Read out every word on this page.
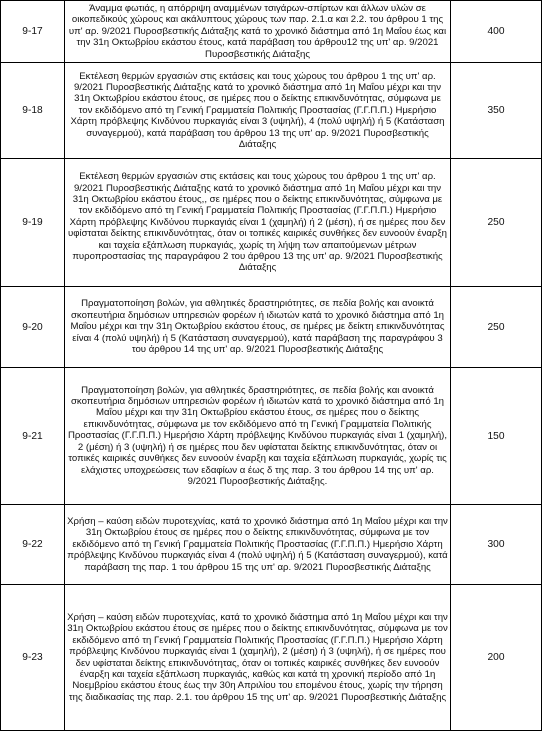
9-17	Άναμμα φωτιάς, η απόρριψη αναμμένων τσιγάρων-σπίρτων και άλλων υλών σε οικοπεδικούς χώρους και ακάλυπτους χώρους των παρ. 2.1.α και 2.2. του άρθρου 1 της υπ' αρ. 9/2021 Πυροσβεστικής Διάταξης κατά το χρονικό διάστημα από 1η Μαΐου έως και την 31η Οκτωβρίου εκάστου έτους, κατά παράβαση του άρθρου12 της υπ' αρ. 9/2021 Πυροσβεστικής Διάταξης	400
9-18	Εκτέλεση θερμών εργασιών στις εκτάσεις και τους χώρους του άρθρου 1 της υπ' αρ. 9/2021 Πυροσβεστικής Διάταξης κατά το χρονικό διάστημα από 1η Μαΐου μέχρι και την 31η Οκτωβρίου εκάστου έτους, σε ημέρες που ο δείκτης επικινδυνότητας, σύμφωνα με τον εκδιδόμενο από τη Γενική Γραμματεία Πολιτικής Προστασίας (Γ.Γ.Π.Π.) Ημερήσιο Χάρτη πρόβλεψης Κινδύνου πυρκαγιάς είναι 3 (υψηλή), 4 (πολύ υψηλή) ή 5 (Κατάσταση συναγερμού), κατά παράβαση του άρθρου 13 της υπ' αρ. 9/2021 Πυροσβεστικής Διάταξης	350
9-19	Εκτέλεση θερμών εργασιών στις εκτάσεις και τους χώρους του άρθρου 1 της υπ' αρ. 9/2021 Πυροσβεστικής Διάταξης κατά το χρονικό διάστημα από 1η Μαΐου μέχρι και την 31η Οκτωβρίου εκάστου έτους,, σε ημέρες που ο δείκτης επικινδυνότητας, σύμφωνα με τον εκδιδόμενο από τη Γενική Γραμματεία Πολιτικής Προστασίας (Γ.Γ.Π.Π.) Ημερήσιο Χάρτη πρόβλεψης Κινδύνου πυρκαγιάς είναι 1 (χαμηλή) ή 2 (μέση), ή σε ημέρες που δεν υφίσταται δείκτης επικινδυνότητας, όταν οι τοπικές καιρικές συνθήκες δεν ευνοούν έναρξη και ταχεία εξάπλωση πυρκαγιάς, χωρίς τη λήψη των απαιτούμενων μέτρων πυροπροστασίας της παραγράφου 2 του άρθρου 13 της υπ' αρ. 9/2021 Πυροσβεστικής Διάταξης	250
9-20	Πραγματοποίηση βολών, για αθλητικές δραστηριότητες, σε πεδία βολής και ανοικτά σκοπευτήρια δημόσιων υπηρεσιών φορέων ή ιδιωτών κατά το χρονικό διάστημα από 1η Μαΐου μέχρι και την 31η Οκτωβρίου εκάστου έτους, σε ημέρες με δείκτη επικινδυνότητας είναι 4 (πολύ υψηλή) ή 5 (Κατάσταση συναγερμού), κατά παράβαση της παραγράφου 3 του άρθρου 14 της υπ' αρ. 9/2021 Πυροσβεστικής Διάταξης	250
9-21	Πραγματοποίηση βολών, για αθλητικές δραστηριότητες, σε πεδία βολής και ανοικτά σκοπευτήρια δημόσιων υπηρεσιών φορέων ή ιδιωτών κατά το χρονικό διάστημα από 1η Μαΐου μέχρι και την 31η Οκτωβρίου εκάστου έτους, σε ημέρες που ο δείκτης επικινδυνότητας, σύμφωνα με τον εκδιδόμενο από τη Γενική Γραμματεία Πολιτικής Προστασίας (Γ.Γ.Π.Π.) Ημερήσιο Χάρτη πρόβλεψης Κινδύνου πυρκαγιάς είναι 1 (χαμηλή), 2 (μέση) ή 3 (υψηλή) ή σε ημέρες που δεν υφίσταται δείκτης επικινδυνότητας, όταν οι τοπικές καιρικές συνθήκες δεν ευνοούν έναρξη και ταχεία εξάπλωση πυρκαγιάς, χωρίς τις ελάχιστες υποχρεώσεις των εδαφίων α έως δ της παρ. 3 του άρθρου 14 της υπ' αρ. 9/2021 Πυροσβεστικής Διάταξης.	150
9-22	Χρήση – καύση ειδών πυροτεχνίας, κατά το χρονικό διάστημα από 1η Μαΐου μέχρι και την 31η Οκτωβρίου έτους σε ημέρες που ο δείκτης επικινδυνότητας, σύμφωνα με τον εκδιδόμενο από τη Γενική Γραμματεία Πολιτικής Προστασίας (Γ.Γ.Π.Π.) Ημερήσιο Χάρτη πρόβλεψης Κινδύνου πυρκαγιάς είναι 4 (πολύ υψηλή) ή 5 (Κατάσταση συναγερμού), κατά παράβαση της παρ. 1 του άρθρου 15 της υπ' αρ. 9/2021 Πυροσβεστικής Διάταξης	300
9-23	Χρήση – καύση ειδών πυροτεχνίας, κατά το χρονικό διάστημα από 1η Μαΐου μέχρι και την 31η Οκτωβρίου εκάστου έτους σε ημέρες που ο δείκτης επικινδυνότητας, σύμφωνα με τον εκδιδόμενο από τη Γενική Γραμματεία Πολιτικής Προστασίας (Γ.Γ.Π.Π.) Ημερήσιο Χάρτη πρόβλεψης Κινδύνου πυρκαγιάς είναι 1 (χαμηλή), 2 (μέση) ή 3 (υψηλή), ή σε ημέρες που δεν υφίσταται δείκτης επικινδυνότητας, όταν οι τοπικές καιρικές συνθήκες δεν ευνοούν έναρξη και ταχεία εξάπλωση πυρκαγιάς, καθώς και κατά τη χρονική περίοδο από 1η Νοεμβρίου εκάστου έτους έως την 30η Απριλίου του επομένου έτους, χωρίς την τήρηση της διαδικασίας της παρ. 2.1. του άρθρου 15 της υπ' αρ. 9/2021 Πυροσβεστικής Διάταξης	200
